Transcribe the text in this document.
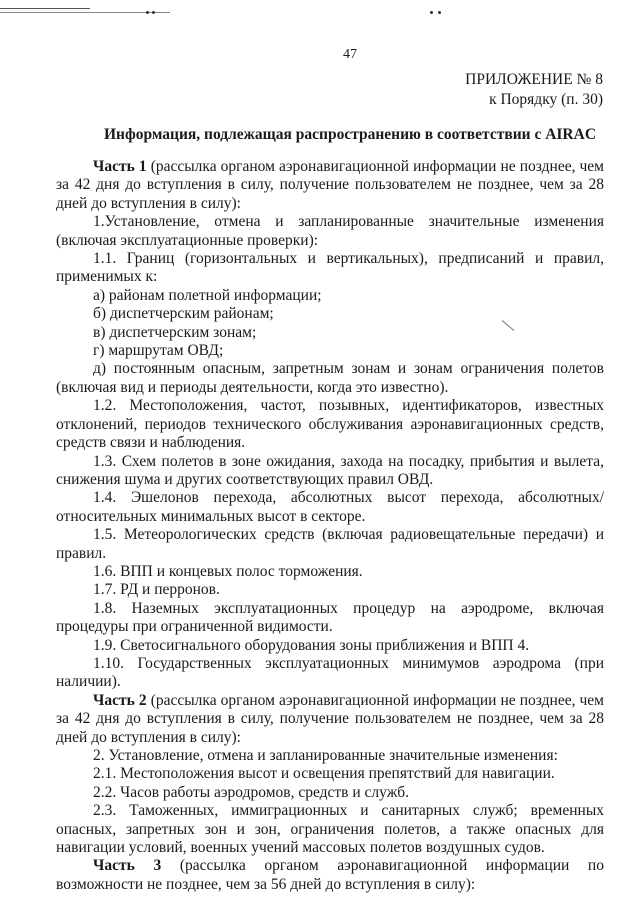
47
ПРИЛОЖЕНИЕ № 8
к Порядку (п. 30)
Информация, подлежащая распространению в соответствии с AIRAC

Часть 1 (рассылка органом аэронавигационной информации не позднее, чем за 42 дня до вступления в силу, получение пользователем не позднее, чем за 28 дней до вступления в силу):

1.Установление, отмена и запланированные значительные изменения (включая эксплуатационные проверки):

1.1. Границ (горизонтальных и вертикальных), предписаний и правил, применимых к:

а) районам полетной информации;

б) диспетчерским районам;

в) диспетчерским зонам;

г) маршрутам ОВД;

д) постоянным опасным, запретным зонам и зонам ограничения полетов (включая вид и периоды деятельности, когда это известно).

1.2. Местоположения, частот, позывных, идентификаторов, известных отклонений, периодов технического обслуживания аэронавигационных средств, средств связи и наблюдения.

1.3. Схем полетов в зоне ожидания, захода на посадку, прибытия и вылета, снижения шума и других соответствующих правил ОВД.

1.4. Эшелонов перехода, абсолютных высот перехода, абсолютных/относительных минимальных высот в секторе.

1.5. Метеорологических средств (включая радиовещательные передачи) и правил.

1.6. ВПП и концевых полос торможения.

1.7. РД и перронов.

1.8. Наземных эксплуатационных процедур на аэродроме, включая процедуры при ограниченной видимости.

1.9. Светосигнального оборудования зоны приближения и ВПП 4.

1.10. Государственных эксплуатационных минимумов аэродрома (при наличии).

Часть 2 (рассылка органом аэронавигационной информации не позднее, чем за 42 дня до вступления в силу, получение пользователем не позднее, чем за 28 дней до вступления в силу):

2. Установление, отмена и запланированные значительные изменения:

2.1. Местоположения высот и освещения препятствий для навигации.

2.2. Часов работы аэродромов, средств и служб.

2.3. Таможенных, иммиграционных и санитарных служб; временных опасных, запретных зон и зон, ограничения полетов, а также опасных для навигации условий, военных учений массовых полетов воздушных судов.

Часть 3 (рассылка органом аэронавигационной информации по возможности не позднее, чем за 56 дней до вступления в силу):
